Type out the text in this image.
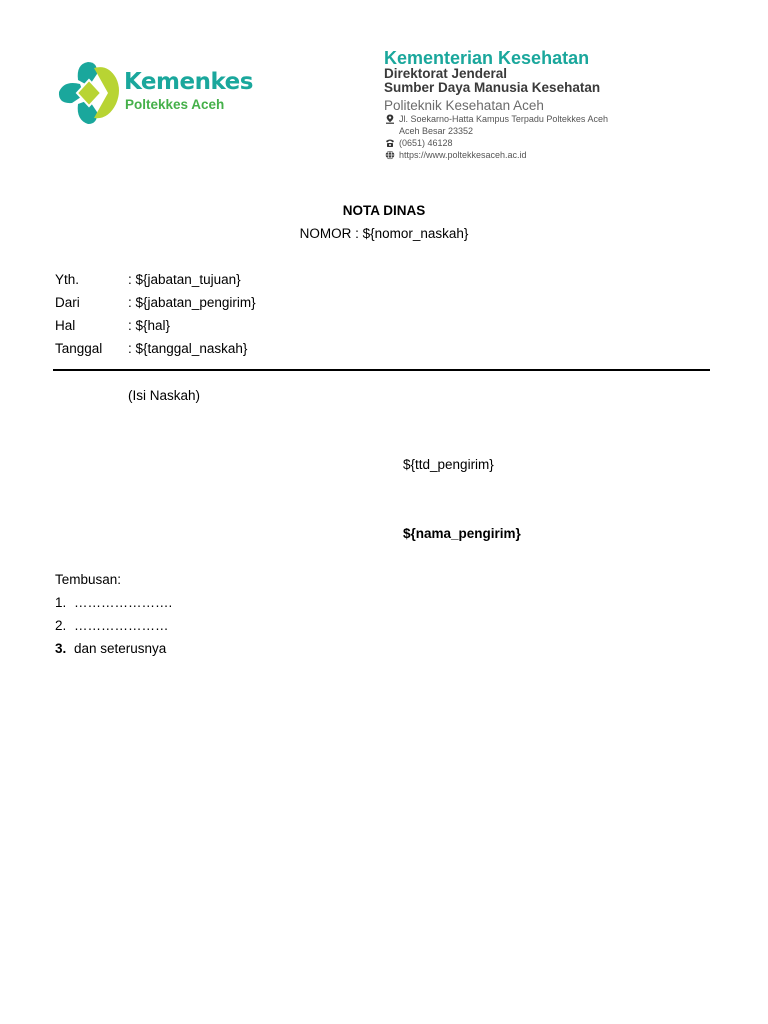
Kemenkes
Poltekkes Aceh
Kementerian Kesehatan
Direktorat Jenderal
Sumber Daya Manusia Kesehatan
Politeknik Kesehatan Aceh
Jl. Soekarno-Hatta Kampus Terpadu Poltekkes Aceh
Aceh Besar 23352
(0651) 46128
https://www.poltekkesaceh.ac.id
NOTA DINAS
NOMOR : ${nomor_naskah}
Yth.	: ${jabatan_tujuan}
Dari	: ${jabatan_pengirim}
Hal	: ${hal}
Tanggal : ${tanggal_naskah}
(Isi Naskah)
${ttd_pengirim}
${nama_pengirim}
Tembusan:
1. ………………….
2. …………………
3. dan seterusnya
